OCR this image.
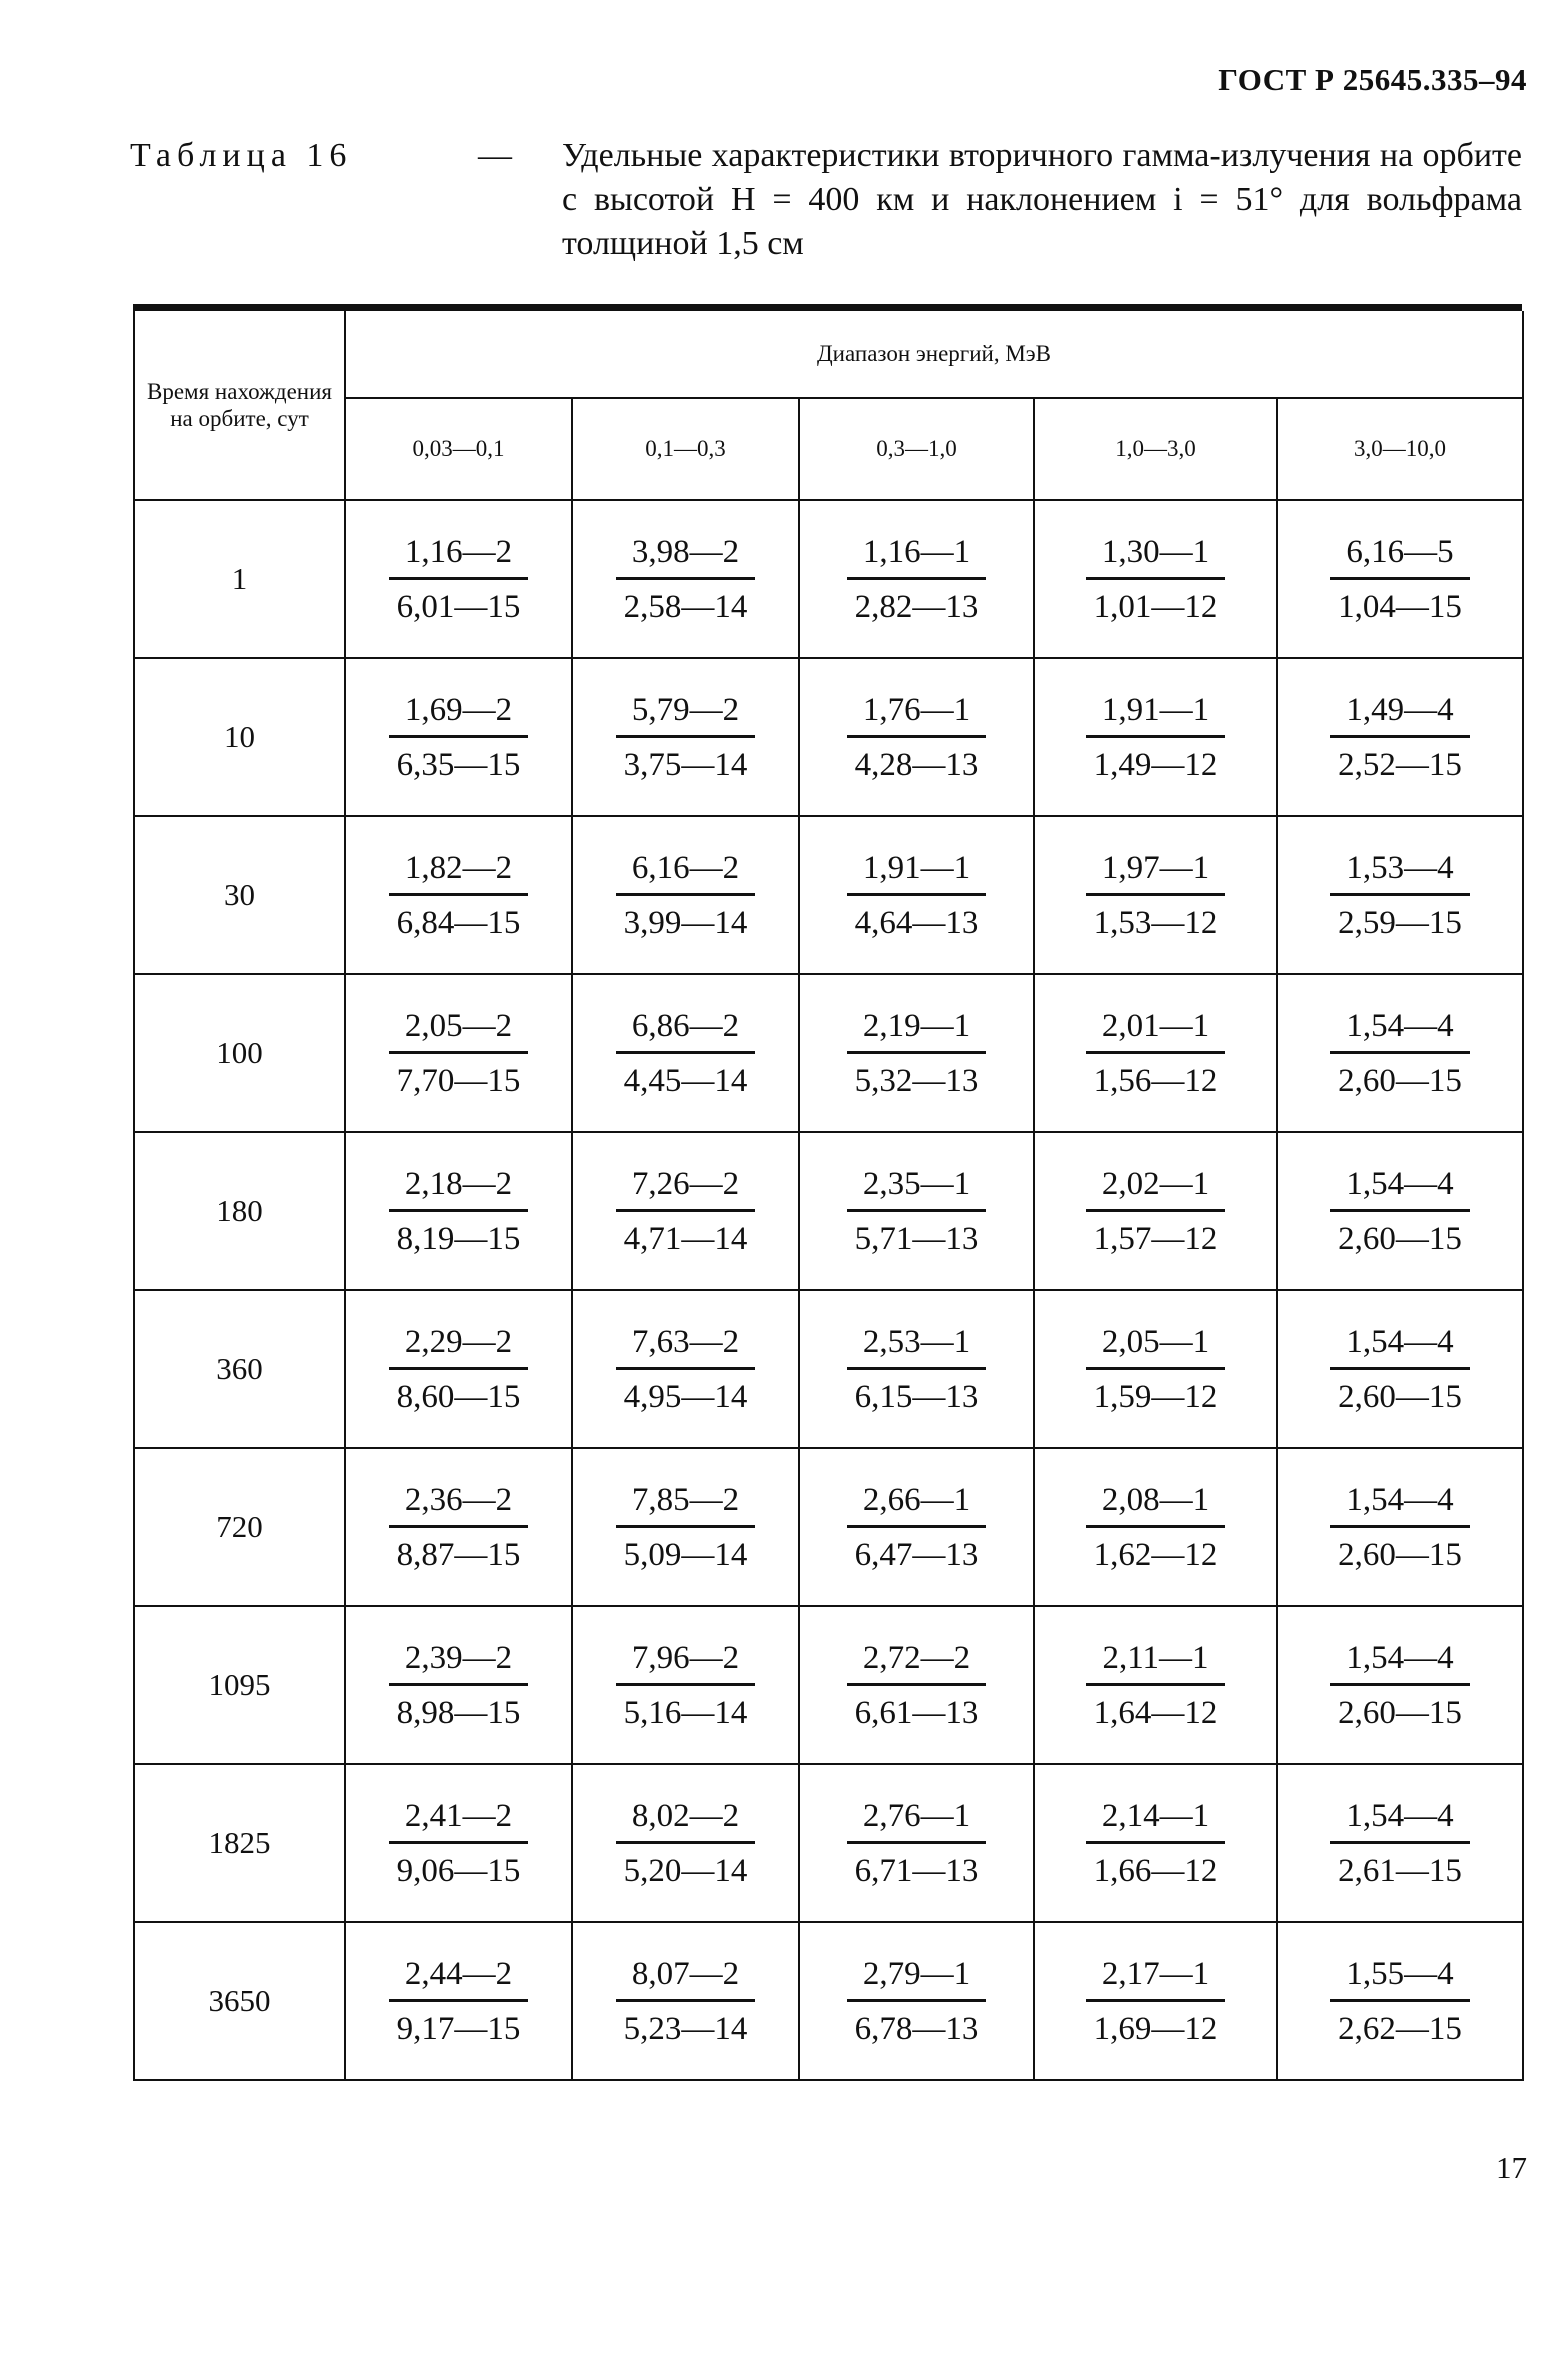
ГОСТ Р 25645.335–94
Таблица 16	— Удельные характеристики вторичного гамма-излучения на орбите с высотой H = 400 км и наклонением i = 51° для вольфрама толщиной 1,5 см
Время нахождения на орбите, сут	Диапазон энергий, МэВ				
	0,03—0,1	0,1—0,3	0,3—1,0	1,0—3,0	3,0—10,0
1	$\frac{1,16—2}{6,01—15}$	$\frac{3,98—2}{2,58—14}$	$\frac{1,16—1}{2,82—13}$	$\frac{1,30—1}{1,01—12}$	$\frac{6,16—5}{1,04—15}$

10	$\frac{1,69—2}{6,35—15}$	$\frac{5,79—2}{3,75—14}$	$\frac{1,76—1}{4,28—13}$	$\frac{1,91—1}{1,49—12}$	$\frac{1,49—4}{2,52—15}$

30	$\frac{1,82—2}{6,84—15}$	$\frac{6,16—2}{3,99—14}$	$\frac{1,91—1}{4,64—13}$	$\frac{1,97—1}{1,53—12}$	$\frac{1,53—4}{2,59—15}$

100	$\frac{2,05—2}{7,70—15}$	$\frac{6,86—2}{4,45—14}$	$\frac{2,19—1}{5,32—13}$	$\frac{2,01—1}{1,56—12}$	$\frac{1,54—4}{2,60—15}$

180	$\frac{2,18—2}{8,19—15}$	$\frac{7,26—2}{4,71—14}$	$\frac{2,35—1}{5,71—13}$	$\frac{2,02—1}{1,57—12}$	$\frac{1,54—4}{2,60—15}$

360	$\frac{2,29—2}{8,60—15}$	$\frac{7,63—2}{4,95—14}$	$\frac{2,53—1}{6,15—13}$	$\frac{2,05—1}{1,59—12}$	$\frac{1,54—4}{2,60—15}$

720	$\frac{2,36—2}{8,87—15}$	$\frac{7,85—2}{5,09—14}$	$\frac{2,66—1}{6,47—13}$	$\frac{2,08—1}{1,62—12}$	$\frac{1,54—4}{2,60—15}$

1095	$\frac{2,39—2}{8,98—15}$	$\frac{7,96—2}{5,16—14}$	$\frac{2,72—2}{6,61—13}$	$\frac{2,11—1}{1,64—12}$	$\frac{1,54—4}{2,60—15}$

1825	$\frac{2,41—2}{9,06—15}$	$\frac{8,02—2}{5,20—14}$	$\frac{2,76—1}{6,71—13}$	$\frac{2,14—1}{1,66—12}$	$\frac{1,54—4}{2,61—15}$

3650	$\frac{2,44—2}{9,17—15}$	$\frac{8,07—2}{5,23—14}$	$\frac{2,79—1}{6,78—13}$	$\frac{2,17—1}{1,69—12}$	$\frac{1,55—4}{2,62—15}$
17
